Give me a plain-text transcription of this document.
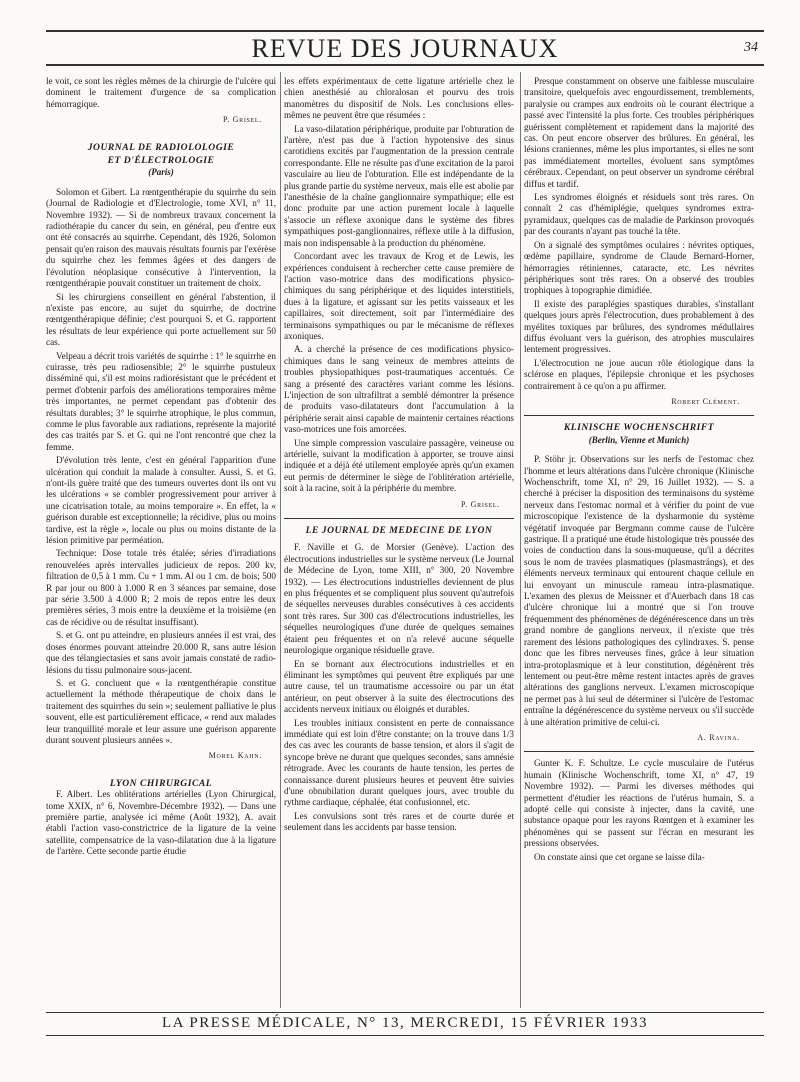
REVUE DES JOURNAUX	34

le voit, ce sont les règles mêmes de la chirurgie de l'ulcère qui dominent le traitement d'urgence de sa complication hémorragique.

P. Grisel.
JOURNAL DE RADIOLOLOGIE
ET D'ÉLECTROLOGIE
(Paris)

Solomon et Gibert. La rœntgenthérapie du squirrhe du sein (Journal de Radiologie et d'Electrologie, tome XVI, n° 11, Novembre 1932). — Si de nombreux travaux concernent la radiothérapie du cancer du sein, en général, peu d'entre eux ont été consacrés au squirrhe. Cependant, dès 1926, Solomon pensait qu'en raison des mauvais résultats fournis par l'exérèse du squirrhe chez les femmes âgées et des dangers de l'évolution néoplasique consécutive à l'intervention, la rœntgenthérapie pouvait constituer un traitement de choix.

Si les chirurgiens conseillent en général l'abstention, il n'existe pas encore, au sujet du squirrhe, de doctrine rœntgenthérapique définie; c'est pourquoi S. et G. rapportent les résultats de leur expérience qui porte actuellement sur 50 cas.

Velpeau a décrit trois variétés de squirrhe : 1° le squirrhe en cuirasse, très peu radiosensible; 2° le squirrhe pustuleux disséminé qui, s'il est moins radiorésistant que le précédent et permet d'obtenir parfois des améliorations temporaires même très importantes, ne permet cependant pas d'obtenir des résultats durables; 3° le squirrhe atrophique, le plus commun, comme le plus favorable aux radiations, représente la majorité des cas traités par S. et G. qui ne l'ont rencontré que chez la femme.

D'évolution très lente, c'est en général l'apparition d'une ulcération qui conduit la malade à consulter. Aussi, S. et G. n'ont-ils guère traité que des tumeurs ouvertes dont ils ont vu les ulcérations « se combler progressivement pour arriver à une cicatrisation totale, au moins temporaire ». En effet, la « guérison durable est exceptionnelle; la récidive, plus ou moins tardive, est la règle », locale ou plus ou moins distante de la lésion primitive par perméation.

Technique: Dose totale très étalée; séries d'irradiations renouvelées après intervalles judicieux de repos. 200 kv, filtration de 0,5 à 1 mm. Cu + 1 mm. Al ou 1 cm. de bois; 500 R par jour ou 800 à 1.000 R en 3 séances par semaine, dose par série 3.500 à 4.000 R; 2 mois de repos entre les deux premières séries, 3 mois entre la deuxième et la troisième (en cas de récidive ou de résultat insuffisant).

S. et G. ont pu atteindre, en plusieurs années il est vrai, des doses énormes pouvant atteindre 20.000 R, sans autre lésion que des télangiectasies et sans avoir jamais constaté de radio-lésions du tissu pulmonaire sous-jacent.

S. et G. concluent que « la rœntgenthérapie constitue actuellement la méthode thérapeutique de choix dans le traitement des squirrhes du sein »; seulement palliative le plus souvent, elle est particulièrement efficace, « rend aux malades leur tranquillité morale et leur assure une guérison apparente durant souvent plusieurs années ».

Morel Kahn.
LYON CHIRURGICAL

F. Albert. Les oblitérations artérielles (Lyon Chirurgical, tome XXIX, n° 6, Novembre-Décembre 1932). — Dans une première partie, analysée ici même (Août 1932), A. avait établi l'action vaso-constrictrice de la ligature de la veine satellite, compensatrice de la vaso-dilatation due à la ligature de l'artère. Cette seconde partie étudie

les effets expérimentaux de cette ligature artérielle chez le chien anesthésié au chloralosan et pourvu des trois manomètres du dispositif de Nols. Les conclusions elles-mêmes ne peuvent être que résumées :

La vaso-dilatation périphérique, produite par l'obturation de l'artère, n'est pas due à l'action hypotensive des sinus carotidiens excités par l'augmentation de la pression centrale correspondante. Elle ne résulte pas d'une excitation de la paroi vasculaire au lieu de l'obturation. Elle est indépendante de la plus grande partie du système nerveux, mais elle est abolie par l'anesthésie de la chaîne ganglionnaire sympathique; elle est donc produite par une action purement locale à laquelle s'associe un réflexe axonique dans le système des fibres sympathiques post-ganglionnaires, réflexe utile à la diffusion, mais non indispensable à la production du phénomène.

Concordant avec les travaux de Krog et de Lewis, les expériences conduisent à rechercher cette cause première de l'action vaso-motrice dans des modifications physico-chimiques du sang périphérique et des liquides interstitiels, dues à la ligature, et agissant sur les petits vaisseaux et les capillaires, soit directement, soit par l'intermédiaire des terminaisons sympathiques ou par le mécanisme de réflexes axoniques.

A. a cherché la présence de ces modifications physico-chimiques dans le sang veineux de membres atteints de troubles physiopathiques post-traumatiques accentués. Ce sang a présenté des caractères variant comme les lésions. L'injection de son ultrafiltrat a semblé démontrer la présence de produits vaso-dilatateurs dont l'accumulation à la périphérie serait ainsi capable de maintenir certaines réactions vaso-motrices une fois amorcées.

Une simple compression vasculaire passagère, veineuse ou artérielle, suivant la modification à apporter, se trouve ainsi indiquée et a déjà été utilement employée après qu'un examen eut permis de déterminer le siège de l'oblitération artérielle, soit à la racine, soit à la périphérie du membre.

P. Grisel.
LE JOURNAL DE MEDECINE DE LYON

F. Naville et G. de Morsier (Genève). L'action des électrocutions industrielles sur le système nerveux (Le Journal de Médecine de Lyon, tome XIII, n° 300, 20 Novembre 1932). — Les électrocutions industrielles deviennent de plus en plus fréquentes et se compliquent plus souvent qu'autrefois de séquelles nerveuses durables consécutives à ces accidents sont très rares. Sur 300 cas d'électrocutions industrielles, les séquelles neurologiques d'une durée de quelques semaines étaient peu fréquentes et on n'a relevé aucune séquelle neurologique organique résiduelle grave.

En se bornant aux électrocutions industrielles et en éliminant les symptômes qui peuvent être expliqués par une autre cause, tel un traumatisme accessoire ou par un état antérieur, on peut observer à la suite des électrocutions des accidents nerveux initiaux ou éloignés et durables.

Les troubles initiaux consistent en perte de connaissance immédiate qui est loin d'être constante; on la trouve dans 1/3 des cas avec les courants de basse tension, et alors il s'agit de syncope brève ne durant que quelques secondes, sans amnésie rétrograde. Avec les courants de haute tension, les pertes de connaissance durent plusieurs heures et peuvent être suivies d'une obnubilation durant quelques jours, avec trouble du rythme cardiaque, céphalée, état confusionnel, etc.

Les convulsions sont très rares et de courte durée et seulement dans les accidents par basse tension.

Presque constamment on observe une faiblesse musculaire transitoire, quelquefois avec engourdissement, tremblements, paralysie ou crampes aux endroits où le courant électrique a passé avec l'intensité la plus forte. Ces troubles périphériques guérissent complètement et rapidement dans la majorité des cas. On peut encore observer des brûlures. En général, les lésions craniennes, même les plus importantes, si elles ne sont pas immédiatement mortelles, évoluent sans symptômes cérébraux. Cependant, on peut observer un syndrome cérébral diffus et tardif.

Les syndromes éloignés et résiduels sont très rares. On connaît 2 cas d'hémiplégie, quelques syndromes extra-pyramidaux, quelques cas de maladie de Parkinson provoqués par des courants n'ayant pas touché la tête.

On a signalé des symptômes oculaires : névrites optiques, œdème papillaire, syndrome de Claude Bernard-Horner, hémorragies rétiniennes, cataracte, etc. Les névrites périphériques sont très rares. On a observé des troubles trophiques à topographie dimidiée.

Il existe des paraplégies spastiques durables, s'installant quelques jours après l'électrocution, dues probablement à des myélites toxiques par brûlures, des syndromes médullaires diffus évoluant vers la guérison, des atrophies musculaires lentement progressives.

L'électrocution ne joue aucun rôle étiologique dans la sclérose en plaques, l'épilepsie chronique et les psychoses contrairement à ce qu'on a pu affirmer.

Robert Clément.
KLINISCHE WOCHENSCHRIFT
(Berlin, Vienne et Munich)

P. Stöhr jr. Observations sur les nerfs de l'estomac chez l'homme et leurs altérations dans l'ulcère chronique (Klinische Wochenschrift, tome XI, n° 29, 16 Juillet 1932). — S. a cherché à préciser la disposition des terminaisons du système nerveux dans l'estomac normal et à vérifier du point de vue microscopique l'existence de la dysharmonie du système végétatif invoquée par Bergmann comme cause de l'ulcère gastrique. Il a pratiqué une étude histologique très poussée des voies de conduction dans la sous-muqueuse, qu'il a décrites sous le nom de travées plasmatiques (plasmasträngs), et des éléments nerveux terminaux qui entourent chaque cellule en lui envoyant un minuscule rameau intra-plasmatique. L'examen des plexus de Meissner et d'Auerbach dans 18 cas d'ulcère chronique lui a montré que si l'on trouve fréquemment des phénomènes de dégénérescence dans un très grand nombre de ganglions nerveux, il n'existe que très rarement des lésions pathologiques des cylindraxes. S. pense donc que les fibres nerveuses fines, grâce à leur situation intra-protoplasmique et à leur constitution, dégénèrent très lentement ou peut-être même restent intactes après de graves altérations des ganglions nerveux. L'examen microscopique ne permet pas à lui seul de déterminer si l'ulcère de l'estomac entraîne la dégénérescence du système nerveux ou s'il succède à une altération primitive de celui-ci.

A. Ravina.

Gunter K. F. Schultze. Le cycle musculaire de l'utérus humain (Klinische Wochenschrift, tome XI, n° 47, 19 Novembre 1932). — Parmi les diverses méthodes qui permettent d'étudier les réactions de l'utérus humain, S. a adopté celle qui consiste à injecter, dans la cavité, une substance opaque pour les rayons Rœntgen et à examiner les phénomènes qui se passent sur l'écran en mesurant les pressions observées.

On constate ainsi que cet organe se laisse dila-

LA PRESSE MÉDICALE, N° 13, MERCREDI, 15 FÉVRIER 1933
